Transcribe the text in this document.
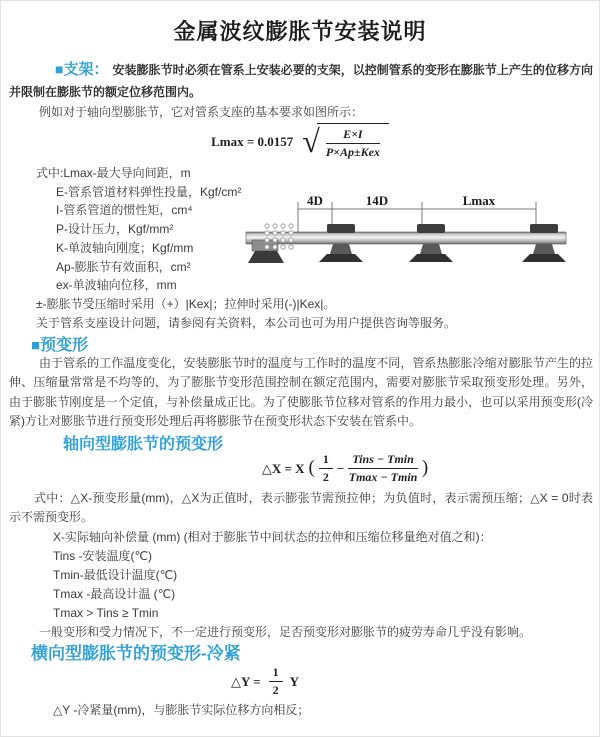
金属波纹膨胀节安装说明

■支架： 安装膨胀节时必须在管系上安装必要的支架，以控制管系的变形在膨胀节上产生的位移方向并限制在膨胀节的额定位移范围内。

例如对于轴向型膨胀节，它对管系支座的基本要求如图所示：
Lmax = 0.0157 √ $\frac{E\times I}{\text{P×Ap±Kex}}$
式中:Lmax-最大导向间距，m
E-管系管道材料弹性投量，Kgf/cm²
I-管系管道的惯性矩，cm⁴
P-设计压力，Kgf/mm²
K-单波轴向刚度；Kgf/mm
Ap-膨胀节有效面积，cm²
ex-单波轴向位移，mm
±-膨胀节受压缩时采用（+）|Kex|；拉伸时采用(-)|Kex|。
关于管系支座设计问题，请参阅有关资料，本公司也可为用户提供咨询等服务。
4D	14D	Lmax
■预变形

由于管系的工作温度变化，安装膨胀节时的温度与工作时的温度不同，管系热膨胀冷缩对膨胀节产生的拉伸、压缩量常常是不均等的，为了膨胀节变形范围控制在额定范围内，需要对膨胀节采取预变形处理。另外，由于膨胀节刚度是一个定值，与补偿量成正比。为了使膨胀节位移对管系的作用力最小，也可以采用预变形(冷紧)方让对膨胀节进行预变形处理后再将膨胀节在预变形状态下安装在管系中。

轴向型膨胀节的预变形
△X = X ( $\frac{1}{2} - \frac{\text{Tins − Tmin}}{Tmax - Tmin}$ )

式中：△X-预变形量(mm)，△X为正值时，表示膨张节需预拉伸；为负值时，表示需预压缩；△X = 0时表示不需预变形。

X-实际轴向补偿量 (mm) (相对于膨胀节中间状态的拉伸和压缩位移量绝对值之和)：
Tins -安装温度(℃)
Tmin-最低设计温度(℃)
Tmax -最高设计温 (℃)
Tmax > Tins ≥ Tmin
一般变形和受力情况下，不一定进行预变形，足否预变形对膨胀节的疲劳寿命几乎没有影响。
横向型膨胀节的预变形-冷紧
△Y = $\frac{1}{2}$ Y
△Y -冷紧量(mm)，与膨胀节实际位移方向相反；
